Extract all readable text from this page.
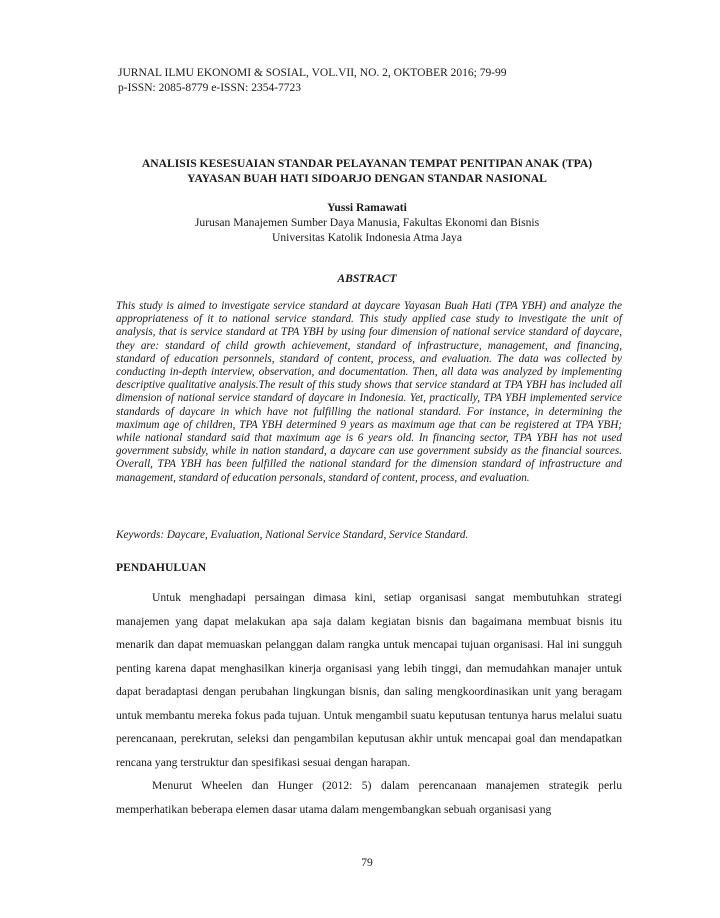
JURNAL ILMU EKONOMI & SOSIAL, VOL.VII, NO. 2, OKTOBER 2016; 79-99
p-ISSN: 2085-8779 e-ISSN: 2354-7723
ANALISIS KESESUAIAN STANDAR PELAYANAN TEMPAT PENITIPAN ANAK (TPA)
YAYASAN BUAH HATI SIDOARJO DENGAN STANDAR NASIONAL
Yussi Ramawati
Jurusan Manajemen Sumber Daya Manusia, Fakultas Ekonomi dan Bisnis
Universitas Katolik Indonesia Atma Jaya
ABSTRACT

This study is aimed to investigate service standard at daycare Yayasan Buah Hati (TPA YBH) and analyze the appropriateness of it to national service standard. This study applied case study to investigate the unit of analysis, that is service standard at TPA YBH by using four dimension of national service standard of daycare, they are: standard of child growth achievement, standard of infrastructure, management, and financing, standard of education personnels, standard of content, process, and evaluation. The data was collected by conducting in-depth interview, observation, and documentation. Then, all data was analyzed by implementing descriptive qualitative analysis.The result of this study shows that service standard at TPA YBH has included all dimension of national service standard of daycare in Indonesia. Yet, practically, TPA YBH implemented service standards of daycare in which have not fulfilling the national standard. For instance, in determining the maximum age of children, TPA YBH determined 9 years as maximum age that can be registered at TPA YBH; while national standard said that maximum age is 6 years old. In financing sector, TPA YBH has not used government subsidy, while in nation standard, a daycare can use government subsidy as the financial sources. Overall, TPA YBH has been fulfilled the national standard for the dimension standard of infrastructure and management, standard of education personals, standard of content, process, and evaluation.

Keywords: Daycare, Evaluation, National Service Standard, Service Standard.

PENDAHULUAN

Untuk menghadapi persaingan dimasa kini, setiap organisasi sangat membutuhkan strategi manajemen yang dapat melakukan apa saja dalam kegiatan bisnis dan bagaimana membuat bisnis itu menarik dan dapat memuaskan pelanggan dalam rangka untuk mencapai tujuan organisasi. Hal ini sungguh penting karena dapat menghasilkan kinerja organisasi yang lebih tinggi, dan memudahkan manajer untuk dapat beradaptasi dengan perubahan lingkungan bisnis, dan saling mengkoordinasikan unit yang beragam untuk membantu mereka fokus pada tujuan. Untuk mengambil suatu keputusan tentunya harus melalui suatu perencanaan, perekrutan, seleksi dan pengambilan keputusan akhir untuk mencapai goal dan mendapatkan rencana yang terstruktur dan spesifikasi sesuai dengan harapan.

Menurut Wheelen dan Hunger (2012: 5) dalam perencanaan manajemen strategik perlu memperhatikan beberapa elemen dasar utama dalam mengembangkan sebuah organisasi yang

79
